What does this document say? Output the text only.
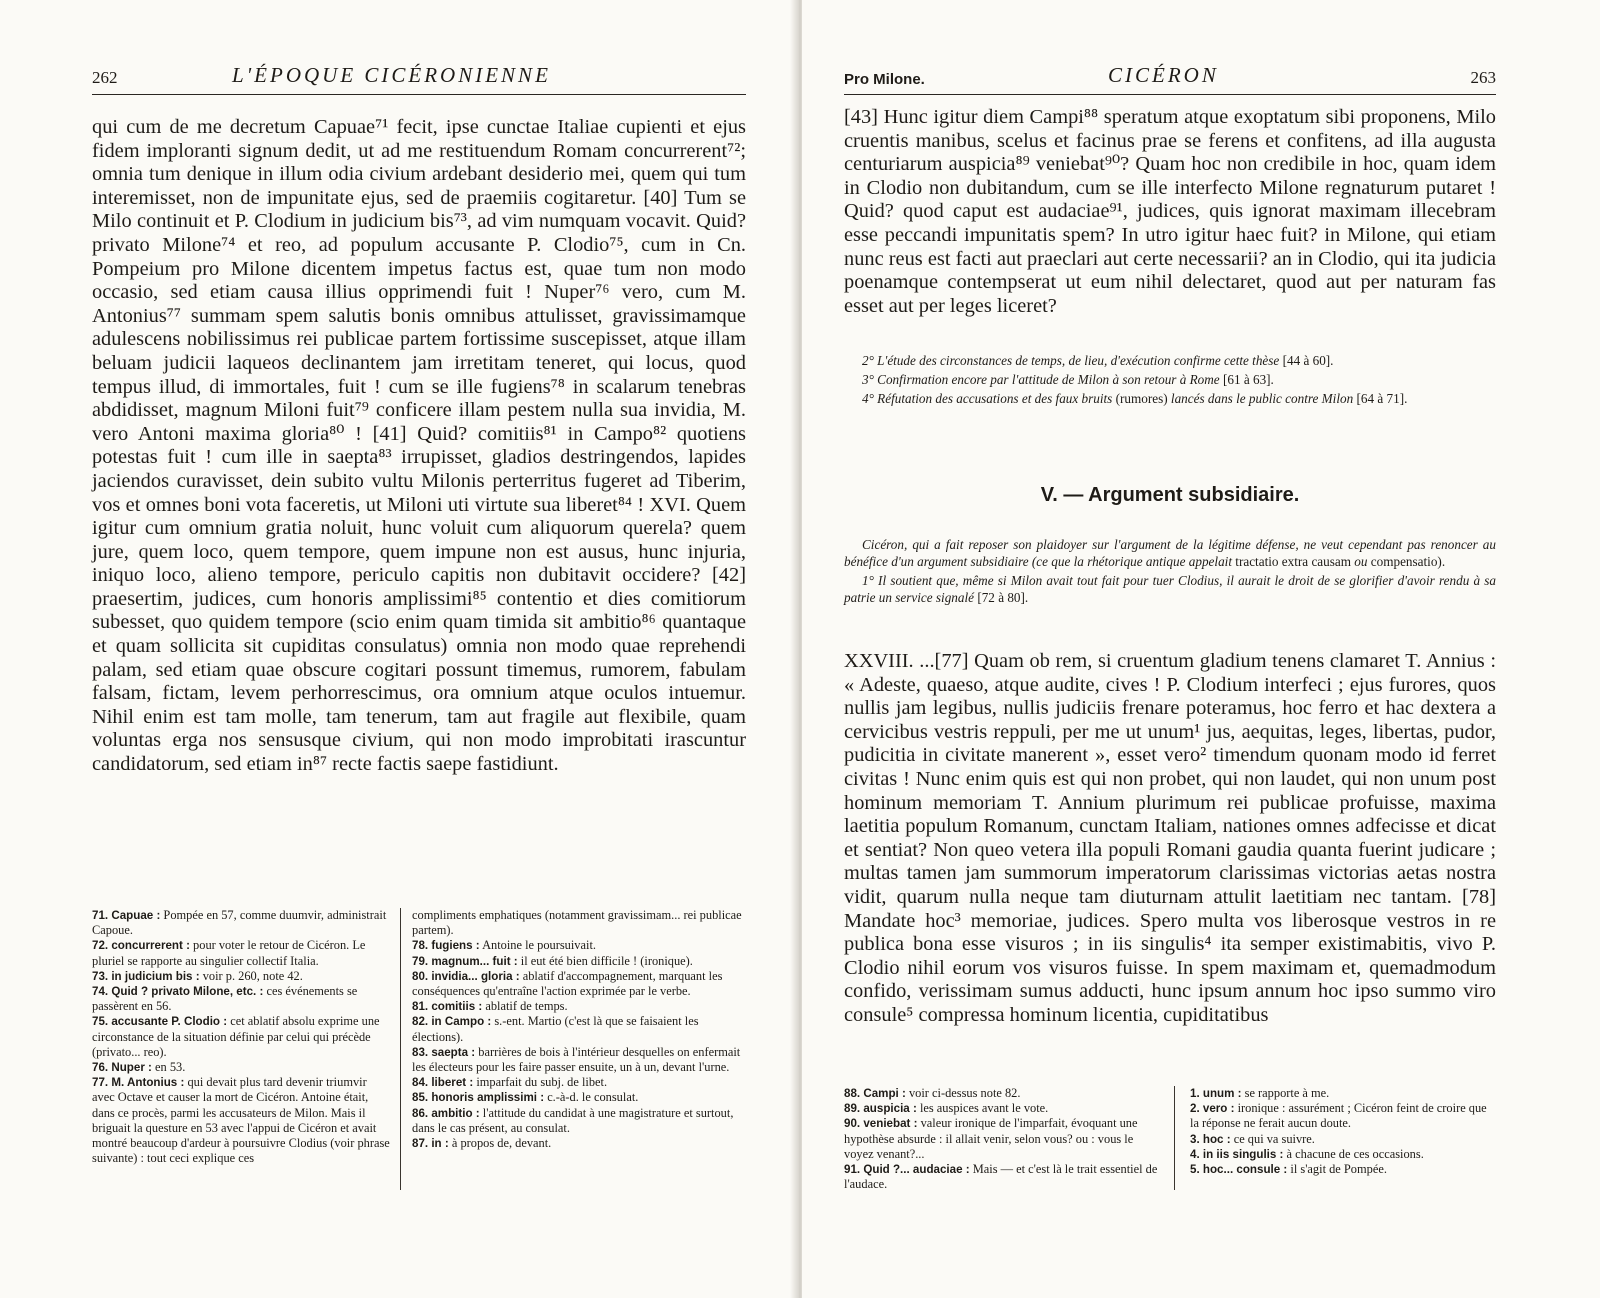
262	L'ÉPOQUE CICÉRONIENNE

qui cum de me decretum Capuae⁷¹ fecit, ipse cunctae Italiae cupienti et ejus fidem imploranti signum dedit, ut ad me restituendum Romam concurrerent⁷²; omnia tum denique in illum odia civium ardebant desiderio mei, quem qui tum interemisset, non de impunitate ejus, sed de praemiis cogitaretur. [40] Tum se Milo continuit et P. Clodium in judicium bis⁷³, ad vim numquam vocavit. Quid? privato Milone⁷⁴ et reo, ad populum accusante P. Clodio⁷⁵, cum in Cn. Pompeium pro Milone dicentem impetus factus est, quae tum non modo occasio, sed etiam causa illius opprimendi fuit ! Nuper⁷⁶ vero, cum M. Antonius⁷⁷ summam spem salutis bonis omnibus attulisset, gravissimamque adulescens nobilissimus rei publicae partem fortissime suscepisset, atque illam beluam judicii laqueos declinantem jam irretitam teneret, qui locus, quod tempus illud, di immortales, fuit ! cum se ille fugiens⁷⁸ in scalarum tenebras abdidisset, magnum Miloni fuit⁷⁹ conficere illam pestem nulla sua invidia, M. vero Antoni maxima gloria⁸⁰ ! [41] Quid? comitiis⁸¹ in Campo⁸² quotiens potestas fuit ! cum ille in saepta⁸³ irrupisset, gladios destringendos, lapides jaciendos curavisset, dein subito vultu Milonis perterritus fugeret ad Tiberim, vos et omnes boni vota faceretis, ut Miloni uti virtute sua liberet⁸⁴ ! XVI. Quem igitur cum omnium gratia noluit, hunc voluit cum aliquorum querela? quem jure, quem loco, quem tempore, quem impune non est ausus, hunc injuria, iniquo loco, alieno tempore, periculo capitis non dubitavit occidere? [42] praesertim, judices, cum honoris amplissimi⁸⁵ contentio et dies comitiorum subesset, quo quidem tempore (scio enim quam timida sit ambitio⁸⁶ quantaque et quam sollicita sit cupiditas consulatus) omnia non modo quae reprehendi palam, sed etiam quae obscure cogitari possunt timemus, rumorem, fabulam falsam, fictam, levem perhorrescimus, ora omnium atque oculos intuemur. Nihil enim est tam molle, tam tenerum, tam aut fragile aut flexibile, quam voluntas erga nos sensusque civium, qui non modo improbitati irascuntur candidatorum, sed etiam in⁸⁷ recte factis saepe fastidiunt.

71. Capuae : Pompée en 57, comme duumvir, administrait Capoue.

72. concurrerent : pour voter le retour de Cicéron. Le pluriel se rapporte au singulier collectif Italia.

73. in judicium bis : voir p. 260, note 42.

74. Quid ? privato Milone, etc. : ces événements se passèrent en 56.

75. accusante P. Clodio : cet ablatif absolu exprime une circonstance de la situation définie par celui qui précède (privato... reo).

76. Nuper : en 53.

77. M. Antonius : qui devait plus tard devenir triumvir avec Octave et causer la mort de Cicéron. Antoine était, dans ce procès, parmi les accusateurs de Milon. Mais il briguait la questure en 53 avec l'appui de Cicéron et avait montré beaucoup d'ardeur à poursuivre Clodius (voir phrase suivante) : tout ceci explique ces

compliments emphatiques (notamment gravissimam... rei publicae partem).

78. fugiens : Antoine le poursuivait.

79. magnum... fuit : il eut été bien difficile ! (ironique).

80. invidia... gloria : ablatif d'accompagnement, marquant les conséquences qu'entraîne l'action exprimée par le verbe.

81. comitiis : ablatif de temps.

82. in Campo : s.-ent. Martio (c'est là que se faisaient les élections).

83. saepta : barrières de bois à l'intérieur desquelles on enfermait les électeurs pour les faire passer ensuite, un à un, devant l'urne.

84. liberet : imparfait du subj. de libet.

85. honoris amplissimi : c.-à-d. le consulat.

86. ambitio : l'attitude du candidat à une magistrature et surtout, dans le cas présent, au consulat.

87. in : à propos de, devant.

Pro Milone.	CICÉRON	263

[43] Hunc igitur diem Campi⁸⁸ speratum atque exoptatum sibi proponens, Milo cruentis manibus, scelus et facinus prae se ferens et confitens, ad illa augusta centuriarum auspicia⁸⁹ veniebat⁹⁰? Quam hoc non credibile in hoc, quam idem in Clodio non dubitandum, cum se ille interfecto Milone regnaturum putaret ! Quid? quod caput est audaciae⁹¹, judices, quis ignorat maximam illecebram esse peccandi impunitatis spem? In utro igitur haec fuit? in Milone, qui etiam nunc reus est facti aut praeclari aut certe necessarii? an in Clodio, qui ita judicia poenamque contempserat ut eum nihil delectaret, quod aut per naturam fas esset aut per leges liceret?

2° L'étude des circonstances de temps, de lieu, d'exécution confirme cette thèse [44 à 60].

3° Confirmation encore par l'attitude de Milon à son retour à Rome [61 à 63].

4° Réfutation des accusations et des faux bruits (rumores) lancés dans le public contre Milon [64 à 71].

V. — Argument subsidiaire.

Cicéron, qui a fait reposer son plaidoyer sur l'argument de la légitime défense, ne veut cependant pas renoncer au bénéfice d'un argument subsidiaire (ce que la rhétorique antique appelait tractatio extra causam ou compensatio).

1° Il soutient que, même si Milon avait tout fait pour tuer Clodius, il aurait le droit de se glorifier d'avoir rendu à sa patrie un service signalé [72 à 80].

XXVIII. ...[77] Quam ob rem, si cruentum gladium tenens clamaret T. Annius : « Adeste, quaeso, atque audite, cives ! P. Clodium interfeci ; ejus furores, quos nullis jam legibus, nullis judiciis frenare poteramus, hoc ferro et hac dextera a cervicibus vestris reppuli, per me ut unum¹ jus, aequitas, leges, libertas, pudor, pudicitia in civitate manerent », esset vero² timendum quonam modo id ferret civitas ! Nunc enim quis est qui non probet, qui non laudet, qui non unum post hominum memoriam T. Annium plurimum rei publicae profuisse, maxima laetitia populum Romanum, cunctam Italiam, nationes omnes adfecisse et dicat et sentiat? Non queo vetera illa populi Romani gaudia quanta fuerint judicare ; multas tamen jam summorum imperatorum clarissimas victorias aetas nostra vidit, quarum nulla neque tam diuturnam attulit laetitiam nec tantam. [78] Mandate hoc³ memoriae, judices. Spero multa vos liberosque vestros in re publica bona esse visuros ; in iis singulis⁴ ita semper existimabitis, vivo P. Clodio nihil eorum vos visuros fuisse. In spem maximam et, quemadmodum confido, verissimam sumus adducti, hunc ipsum annum hoc ipso summo viro consule⁵ compressa hominum licentia, cupiditatibus

88. Campi : voir ci-dessus note 82.

89. auspicia : les auspices avant le vote.

90. veniebat : valeur ironique de l'imparfait, évoquant une hypothèse absurde : il allait venir, selon vous? ou : vous le voyez venant?...

91. Quid ?... audaciae : Mais — et c'est là le trait essentiel de l'audace.

1. unum : se rapporte à me.

2. vero : ironique : assurément ; Cicéron feint de croire que la réponse ne ferait aucun doute.

3. hoc : ce qui va suivre.

4. in iis singulis : à chacune de ces occasions.

5. hoc... consule : il s'agit de Pompée.
